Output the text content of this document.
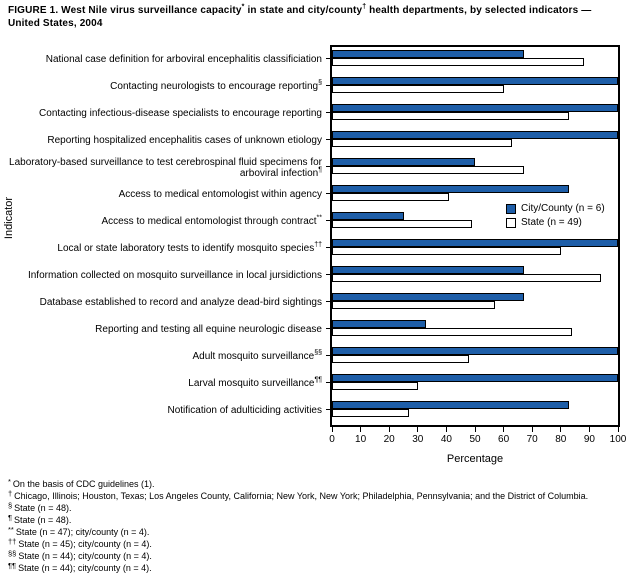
FIGURE 1. West Nile virus surveillance capacity* in state and city/county† health departments, by selected indicators — United States, 2004
Indicator
National case definition for arboviral encephalitis classificiation
Contacting neurologists to encourage reporting§
Contacting infectious-disease specialists to encourage reporting
Reporting hospitalized encephalitis cases of unknown etiology
Laboratory-based surveillance to test cerebrospinal fluid specimens for arboviral infection¶
Access to medical entomologist within agency
Access to medical entomologist through contract**
Local or state laboratory tests to identify mosquito species††
Information collected on mosquito surveillance in local jursidictions
Database established to record and analyze dead-bird sightings
Reporting and testing all equine neurologic disease
Adult mosquito surveillance§§
Larval mosquito surveillance¶¶
Notification of adulticiding activities
0	10	20	30	40	50	60	70	80	90	100
Percentage
City/County (n = 6)
State (n = 49)
* On the basis of CDC guidelines (1).
† Chicago, Illinois; Houston, Texas; Los Angeles County, California; New York, New York; Philadelphia, Pennsylvania; and the District of Columbia.
§ State (n = 48).
¶ State (n = 48).
** State (n = 47); city/county (n = 4).
†† State (n = 45); city/county (n = 4).
§§ State (n = 44); city/county (n = 4).
¶¶ State (n = 44); city/county (n = 4).
